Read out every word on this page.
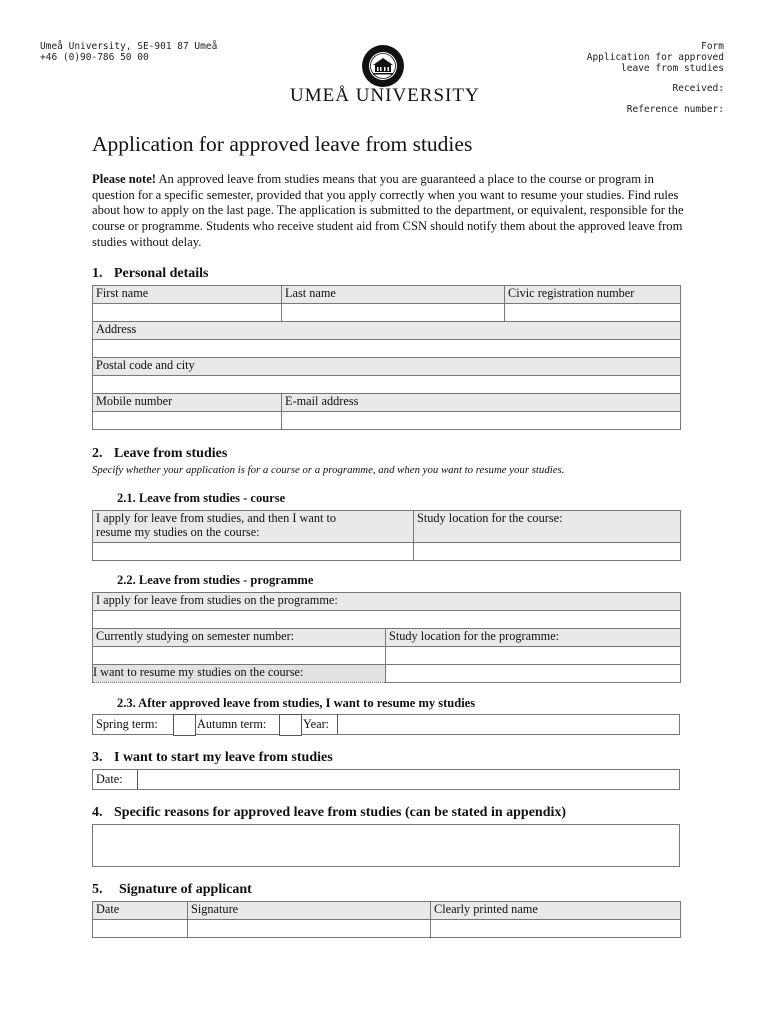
Umeå University, SE-901 87 Umeå
+46 (0)90-786 50 00
Form
Application for approved
leave from studies
Received:
Reference number:
UMEÅ UNIVERSITY
Application for approved leave from studies
Please note! An approved leave from studies means that you are guaranteed a place to the course or program in question for a specific semester, provided that you apply correctly when you want to resume your studies. Find rules about how to apply on the last page. The application is submitted to the department, or equivalent, responsible for the course or programme. Students who receive student aid from CSN should notify them about the approved leave from studies without delay.
1. Personal details
First name	Last name	Civic registration number

Address		

Postal code and city		

Mobile number	E-mail address	

2. Leave from studies
Specify whether your application is for a course or a programme, and when you want to resume your studies.
2.1. Leave from studies - course
I apply for leave from studies, and then I want to
resume my studies on the course:	Study location for the course:

2.2. Leave from studies - programme
I apply for leave from studies on the programme:	

Currently studying on semester number:	Study location for the programme:

I want to resume my studies on the course:	
2.3. After approved leave from studies, I want to resume my studies
Spring term:	Autumn term:	Year:
3. I want to start my leave from studies
Date:
4. Specific reasons for approved leave from studies (can be stated in appendix)
5. Signature of applicant
Date	Signature	Clearly printed name
